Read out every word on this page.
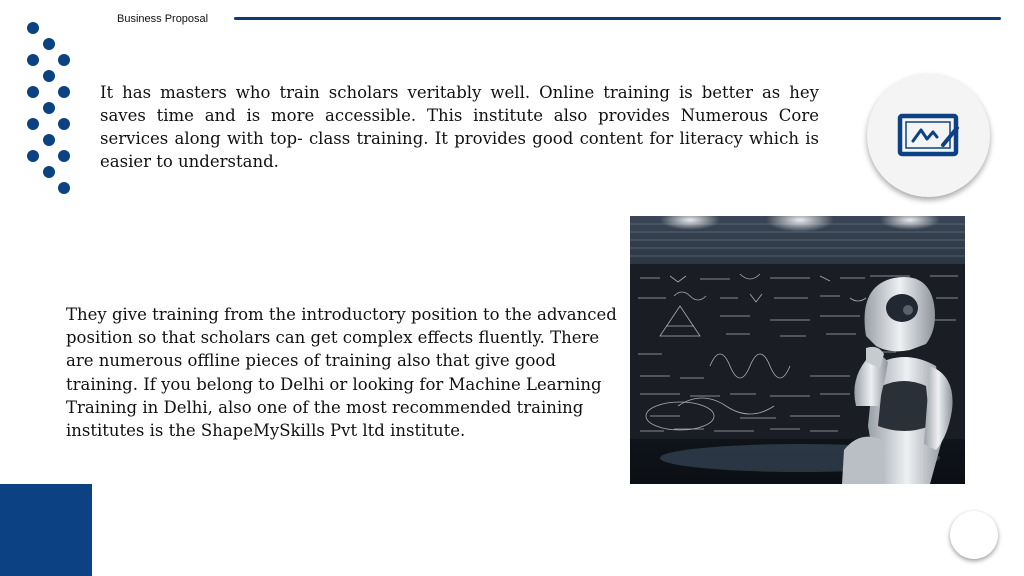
Business Proposal

It has masters who train scholars veritably well. Online training is better as hey saves time and is more accessible. This institute also provides Numerous Core services along with top- class training. It provides good content for literacy which is easier to understand.

They give training from the introductory position to the advanced position so that scholars can get complex effects fluently. There are numerous offline pieces of training also that give good training. If you belong to Delhi or looking for Machine Learning Training in Delhi, also one of the most recommended training institutes is the ShapeMySkills Pvt ltd institute.
